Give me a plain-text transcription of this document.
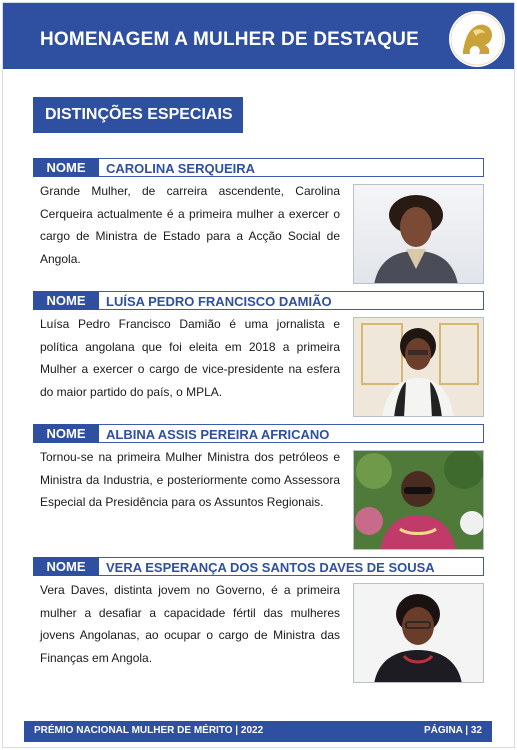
HOMENAGEM A MULHER DE DESTAQUE
DISTINÇÕES ESPECIAIS
NOME	CAROLINA SERQUEIRA
Grande Mulher, de carreira ascendente, Carolina Cerqueira actualmente é a primeira mulher a exercer o cargo de Ministra de Estado para a Acção Social de Angola.
NOME	LUÍSA PEDRO FRANCISCO DAMIÃO
Luísa Pedro Francisco Damião é uma jornalista e política angolana que foi eleita em 2018 a primeira Mulher a exercer o cargo de vice-presidente na esfera do maior partido do país, o MPLA.
NOME	ALBINA ASSIS PEREIRA AFRICANO
Tornou-se na primeira Mulher Ministra dos petróleos e Ministra da Industria, e posteriormente como Assessora Especial da Presidência para os Assuntos Regionais.
NOME	VERA ESPERANÇA DOS SANTOS DAVES DE SOUSA
Vera Daves, distinta jovem no Governo, é a primeira mulher a desafiar a capacidade fértil das mulheres jovens Angolanas, ao ocupar o cargo de Ministra das Finanças em Angola.
PRÉMIO NACIONAL MULHER DE MÉRITO | 2022	PÁGINA | 32
